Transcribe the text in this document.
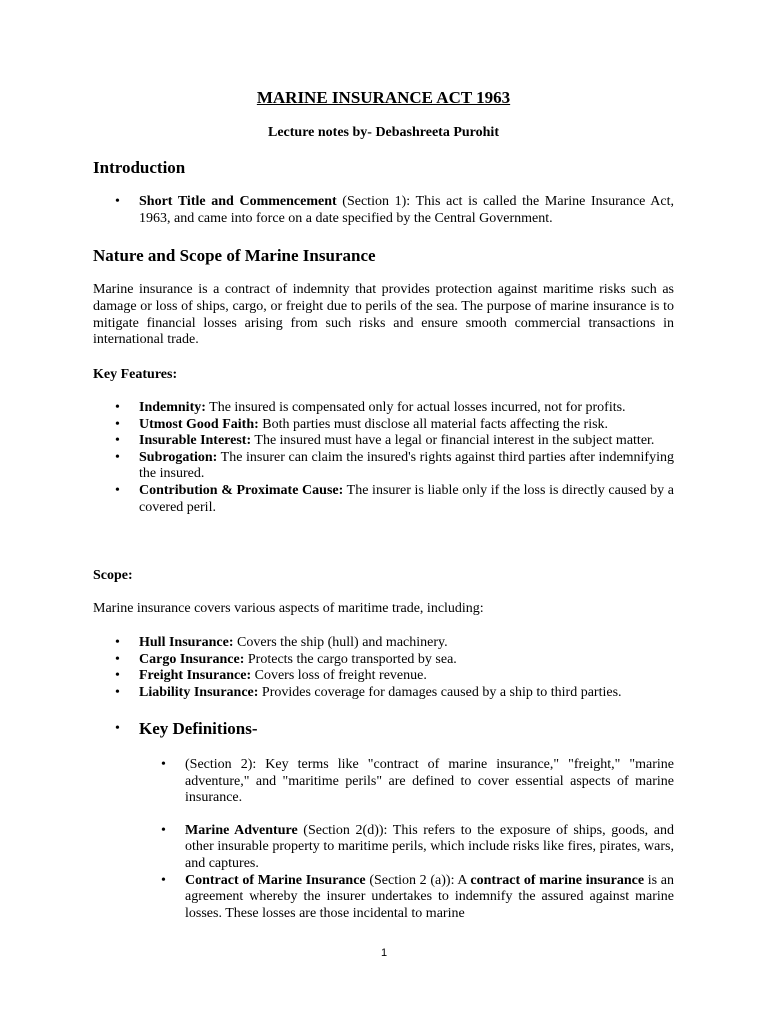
MARINE INSURANCE ACT 1963
Lecture notes by- Debashreeta Purohit
Introduction
• Short Title and Commencement (Section 1): This act is called the Marine Insurance Act, 1963, and came into force on a date specified by the Central Government.
Nature and Scope of Marine Insurance
Marine insurance is a contract of indemnity that provides protection against maritime risks such as damage or loss of ships, cargo, or freight due to perils of the sea. The purpose of marine insurance is to mitigate financial losses arising from such risks and ensure smooth commercial transactions in international trade.
Key Features:
• Indemnity: The insured is compensated only for actual losses incurred, not for profits.
• Utmost Good Faith: Both parties must disclose all material facts affecting the risk.
• Insurable Interest: The insured must have a legal or financial interest in the subject matter.
• Subrogation: The insurer can claim the insured's rights against third parties after indemnifying the insured.
• Contribution & Proximate Cause: The insurer is liable only if the loss is directly caused by a covered peril.
Scope:
Marine insurance covers various aspects of maritime trade, including:
• Hull Insurance: Covers the ship (hull) and machinery.
• Cargo Insurance: Protects the cargo transported by sea.
• Freight Insurance: Covers loss of freight revenue.
• Liability Insurance: Provides coverage for damages caused by a ship to third parties.
• Key Definitions-
• (Section 2): Key terms like "contract of marine insurance," "freight," "marine adventure," and "maritime perils" are defined to cover essential aspects of marine insurance.
• Marine Adventure (Section 2(d)): This refers to the exposure of ships, goods, and other insurable property to maritime perils, which include risks like fires, pirates, wars, and captures.
• Contract of Marine Insurance (Section 2 (a)): A contract of marine insurance is an agreement whereby the insurer undertakes to indemnify the assured against marine losses. These losses are those incidental to marine
1
